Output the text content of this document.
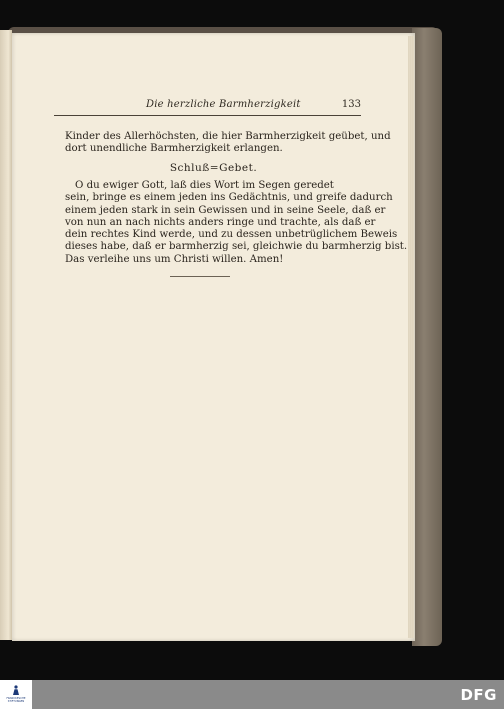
Die herzliche Barmherzigkeit	133
Kinder des Allerhöchsten, die hier Barmherzigkeit geübet, und
dort unendliche Barmherzigkeit erlangen.
Schluß=Gebet.
O du ewiger Gott, laß dies Wort im Segen geredet
sein, bringe es einem jeden ins Gedächtnis, und greife dadurch
einem jeden stark in sein Gewissen und in seine Seele, daß er
von nun an nach nichts anders ringe und trachte, als daß er
dein rechtes Kind werde, und zu dessen unbetrüglichem Beweis
dieses habe, daß er barmherzig sei, gleichwie du barmherzig bist.
Das verleihe uns um Christi willen. Amen!
FRANCKESCHE STIFTUNGEN	DFG
